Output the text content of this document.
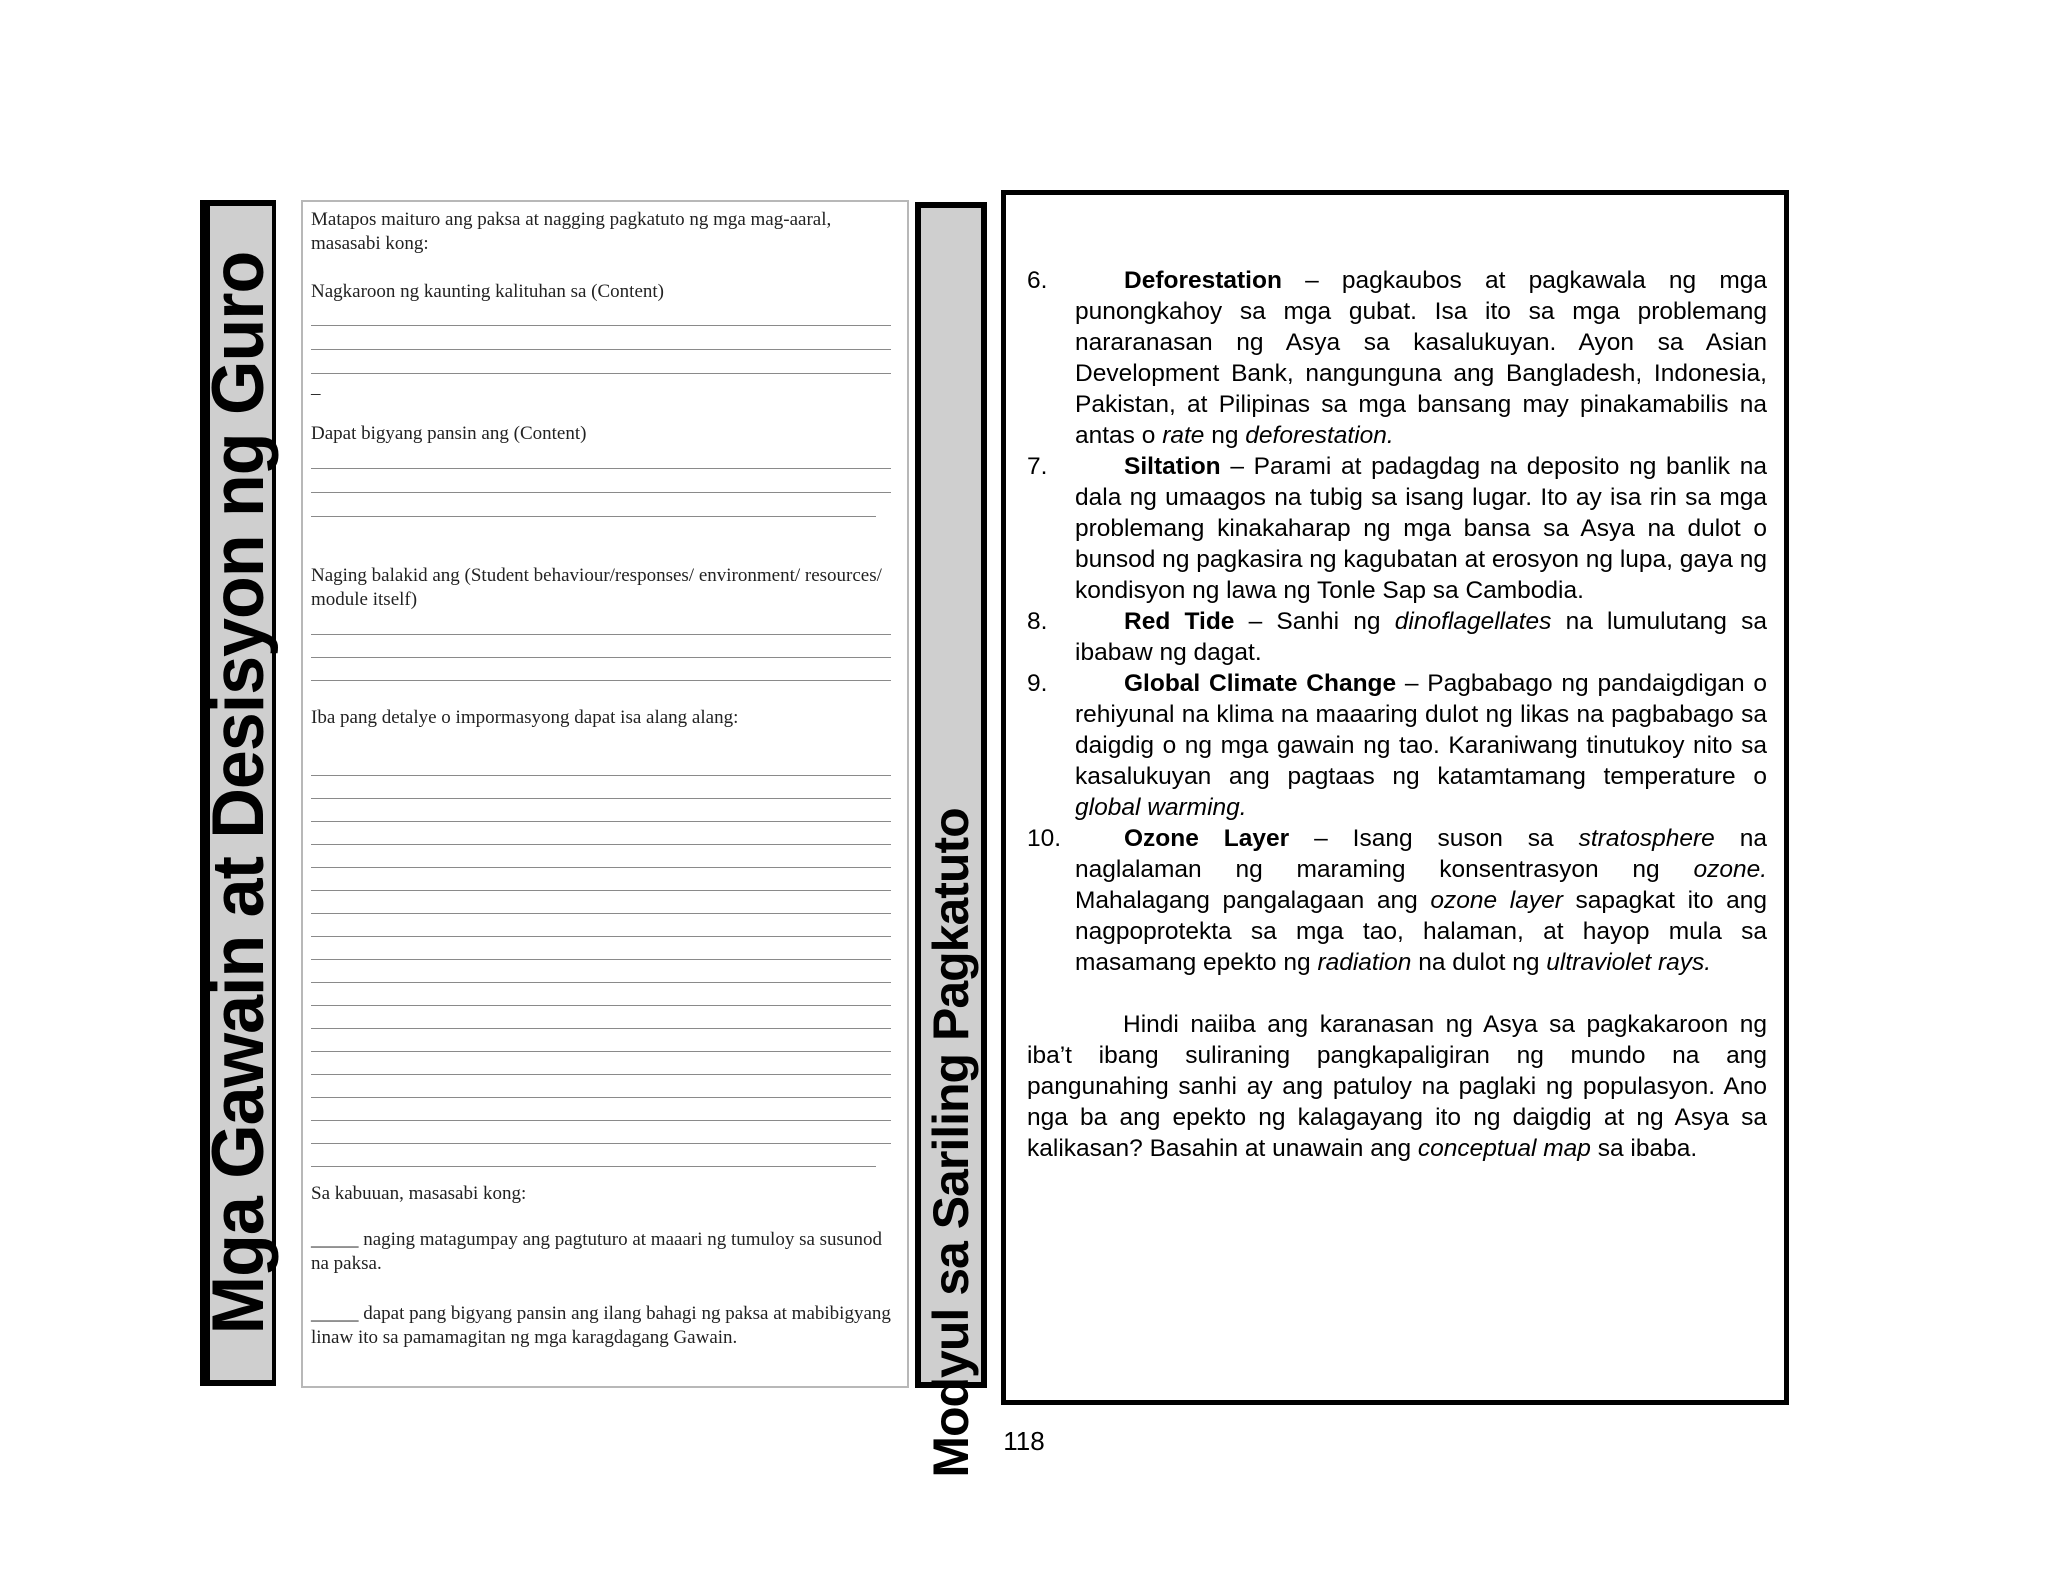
Mga Gawain at Desisyon ng Guro
Matapos maituro ang paksa at nagging pagkatuto ng mga mag-aaral, masasabi kong:
Nagkaroon ng kaunting kalituhan sa (Content)
–
Dapat bigyang pansin ang (Content)
Naging balakid ang (Student behaviour/responses/ environment/ resources/ module itself)
Iba pang detalye o impormasyong dapat isa alang alang:
Sa kabuuan, masasabi kong:
_____ naging matagumpay ang pagtuturo at maaari ng tumuloy sa susunod na paksa.
_____ dapat pang bigyang pansin ang ilang bahagi ng paksa at mabibigyang linaw ito sa pamamagitan ng mga karagdagang Gawain.	Modyul sa Sariling Pagkatuto
6.	Deforestation – pagkaubos at pagkawala ng mga punongkahoy sa mga gubat. Isa ito sa mga problemang nararanasan ng Asya sa kasalukuyan. Ayon sa Asian Development Bank, nangunguna ang Bangladesh, Indonesia, Pakistan, at Pilipinas sa mga bansang may pinakamabilis na antas o rate ng deforestation.
7.	Siltation – Parami at padagdag na deposito ng banlik na dala ng umaagos na tubig sa isang lugar. Ito ay isa rin sa mga problemang kinakaharap ng mga bansa sa Asya na dulot o bunsod ng pagkasira ng kagubatan at erosyon ng lupa, gaya ng kondisyon ng lawa ng Tonle Sap sa Cambodia.
8.	Red Tide – Sanhi ng dinoflagellates na lumulutang sa ibabaw ng dagat.
9.	Global Climate Change – Pagbabago ng pandaigdigan o rehiyunal na klima na maaaring dulot ng likas na pagbabago sa daigdig o ng mga gawain ng tao. Karaniwang tinutukoy nito sa kasalukuyan ang pagtaas ng katamtamang temperature o global warming.
10.	Ozone Layer – Isang suson sa stratosphere na naglalaman ng maraming konsentrasyon ng ozone. Mahalagang pangalagaan ang ozone layer sapagkat ito ang nagpoprotekta sa mga tao, halaman, at hayop mula sa masamang epekto ng radiation na dulot ng ultraviolet rays.
Hindi naiiba ang karanasan ng Asya sa pagkakaroon ng iba’t ibang suliraning pangkapaligiran ng mundo na ang pangunahing sanhi ay ang patuloy na paglaki ng populasyon. Ano nga ba ang epekto ng kalagayang ito ng daigdig at ng Asya sa kalikasan? Basahin at unawain ang conceptual map sa ibaba.
118
